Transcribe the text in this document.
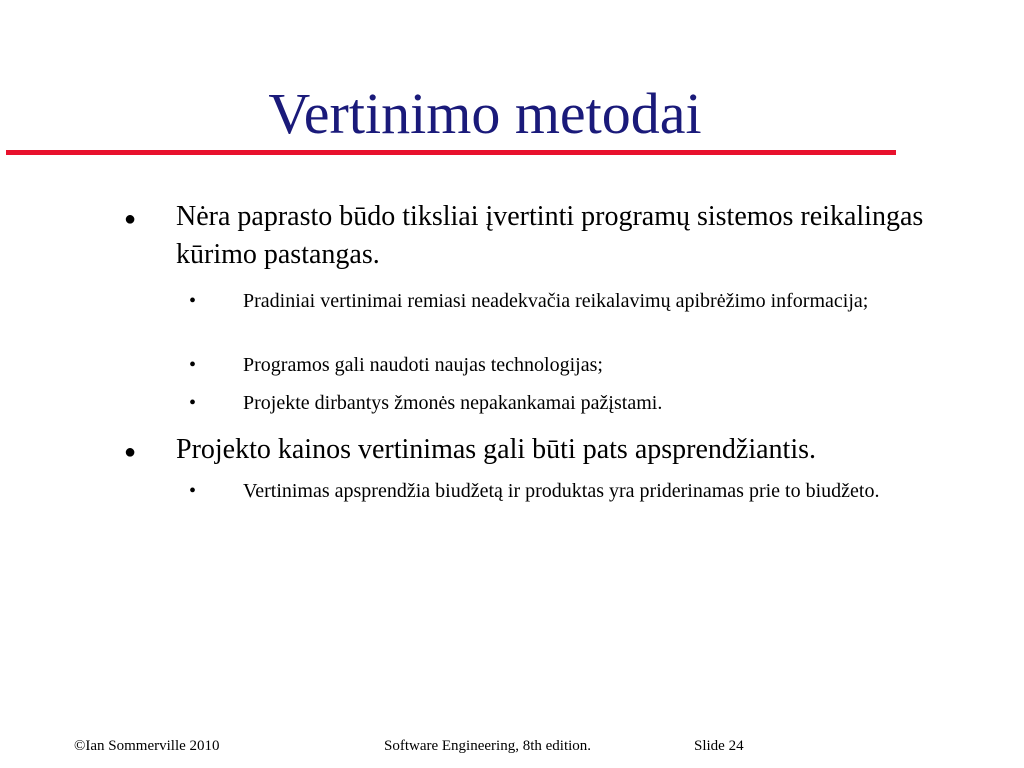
Vertinimo metodai
● Nėra paprasto būdo tiksliai įvertinti programų sistemos reikalingas kūrimo pastangas.
• Pradiniai vertinimai remiasi neadekvačia reikalavimų apibrėžimo informacija;
• Programos gali naudoti naujas technologijas;
• Projekte dirbantys žmonės nepakankamai pažįstami.
● Projekto kainos vertinimas gali būti pats apsprendžiantis.
• Vertinimas apsprendžia biudžetą ir produktas yra priderinamas prie to biudžeto.
©Ian Sommerville 2010	Software Engineering, 8th edition.	Slide 24
